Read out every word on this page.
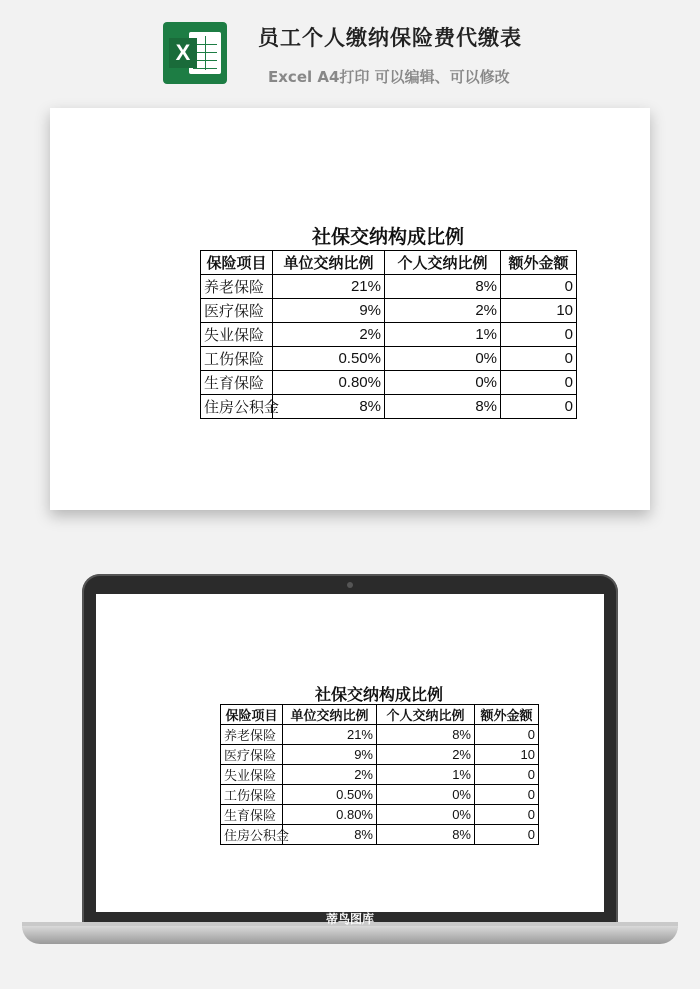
X
员工个人缴纳保险费代缴表
Excel A4打印 可以编辑、可以修改
社保交纳构成比例
保险项目	单位交纳比例	个人交纳比例	额外金额
养老保险	21%	8%	0
医疗保险	9%	2%	10
失业保险	2%	1%	0
工伤保险	0.50%	0%	0
生育保险	0.80%	0%	0
住房公积金	8%	8%	0
蒂鸟图库
社保交纳构成比例
保险项目	单位交纳比例	个人交纳比例	额外金额
养老保险	21%	8%	0
医疗保险	9%	2%	10
失业保险	2%	1%	0
工伤保险	0.50%	0%	0
生育保险	0.80%	0%	0
住房公积金	8%	8%	0
